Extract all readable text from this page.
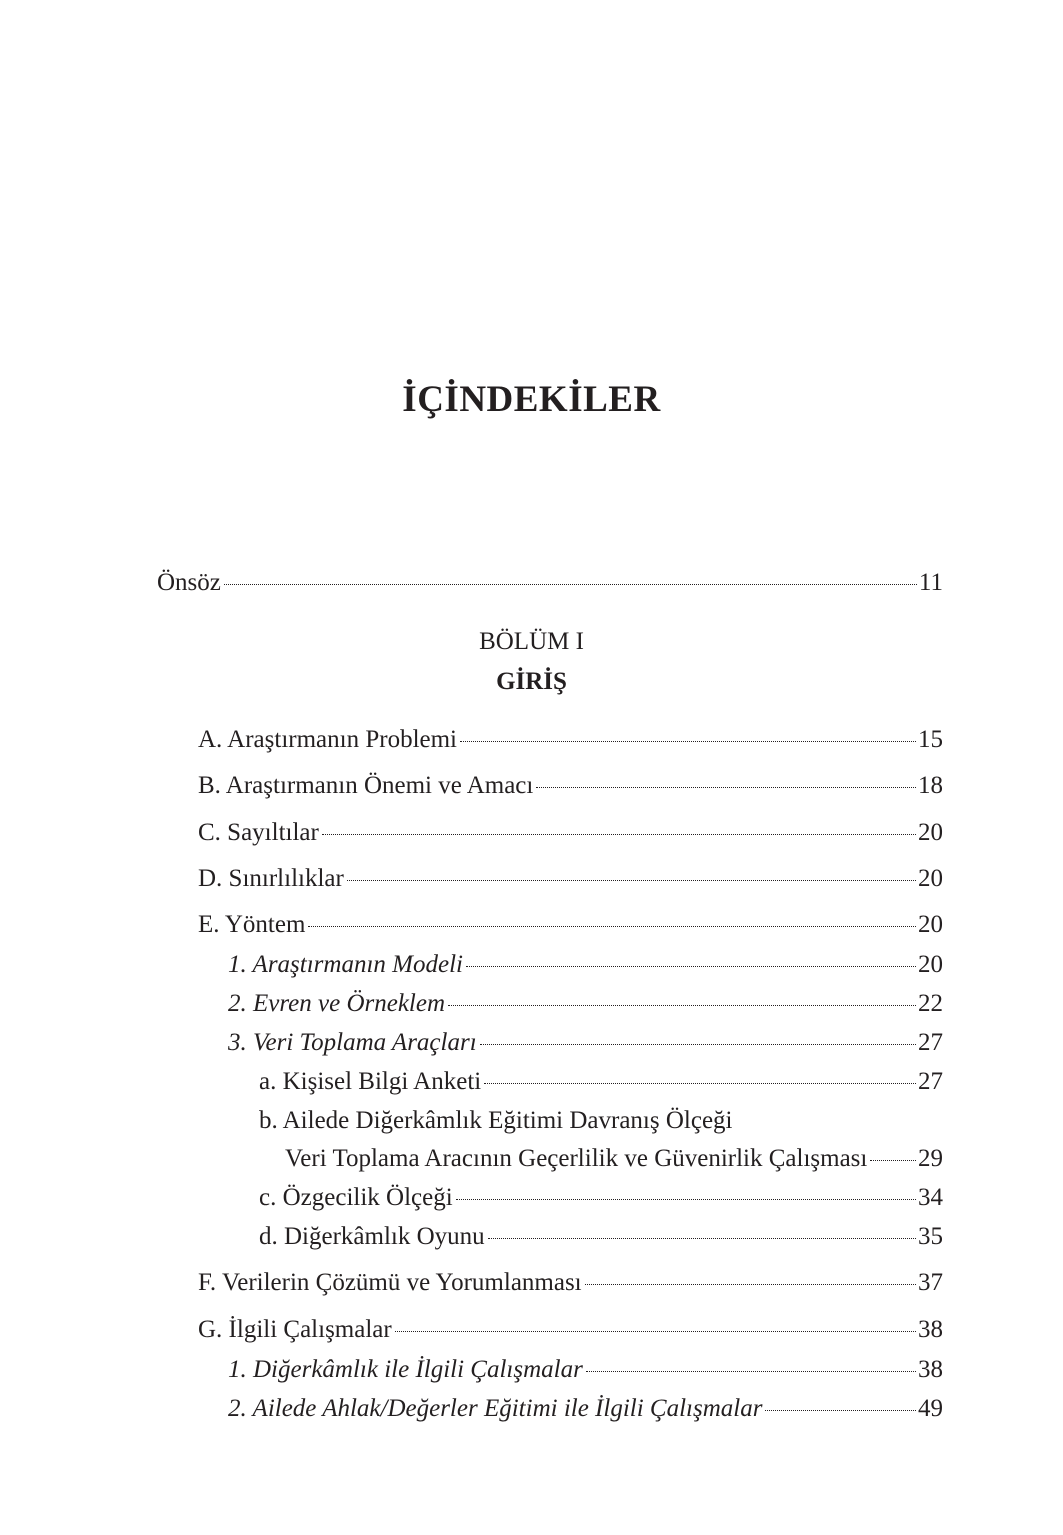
İÇİNDEKİLER
Önsöz	11

BÖLÜM I

GİRİŞ

A. Araştırmanın Problemi	15
B. Araştırmanın Önemi ve Amacı	18
C. Sayıltılar	20
D. Sınırlılıklar	20
E. Yöntem	20
1. Araştırmanın Modeli	20
2. Evren ve Örneklem	22
3. Veri Toplama Araçları	27
a. Kişisel Bilgi Anketi	27
b. Ailede Diğerkâmlık Eğitimi Davranış Ölçeği
Veri Toplama Aracının Geçerlilik ve Güvenirlik Çalışması 29
c. Özgecilik Ölçeği	34
d. Diğerkâmlık Oyunu	35
F. Verilerin Çözümü ve Yorumlanması	37
G. İlgili Çalışmalar	38
1. Diğerkâmlık ile İlgili Çalışmalar	38
2. Ailede Ahlak/Değerler Eğitimi ile İlgili Çalışmalar	49
